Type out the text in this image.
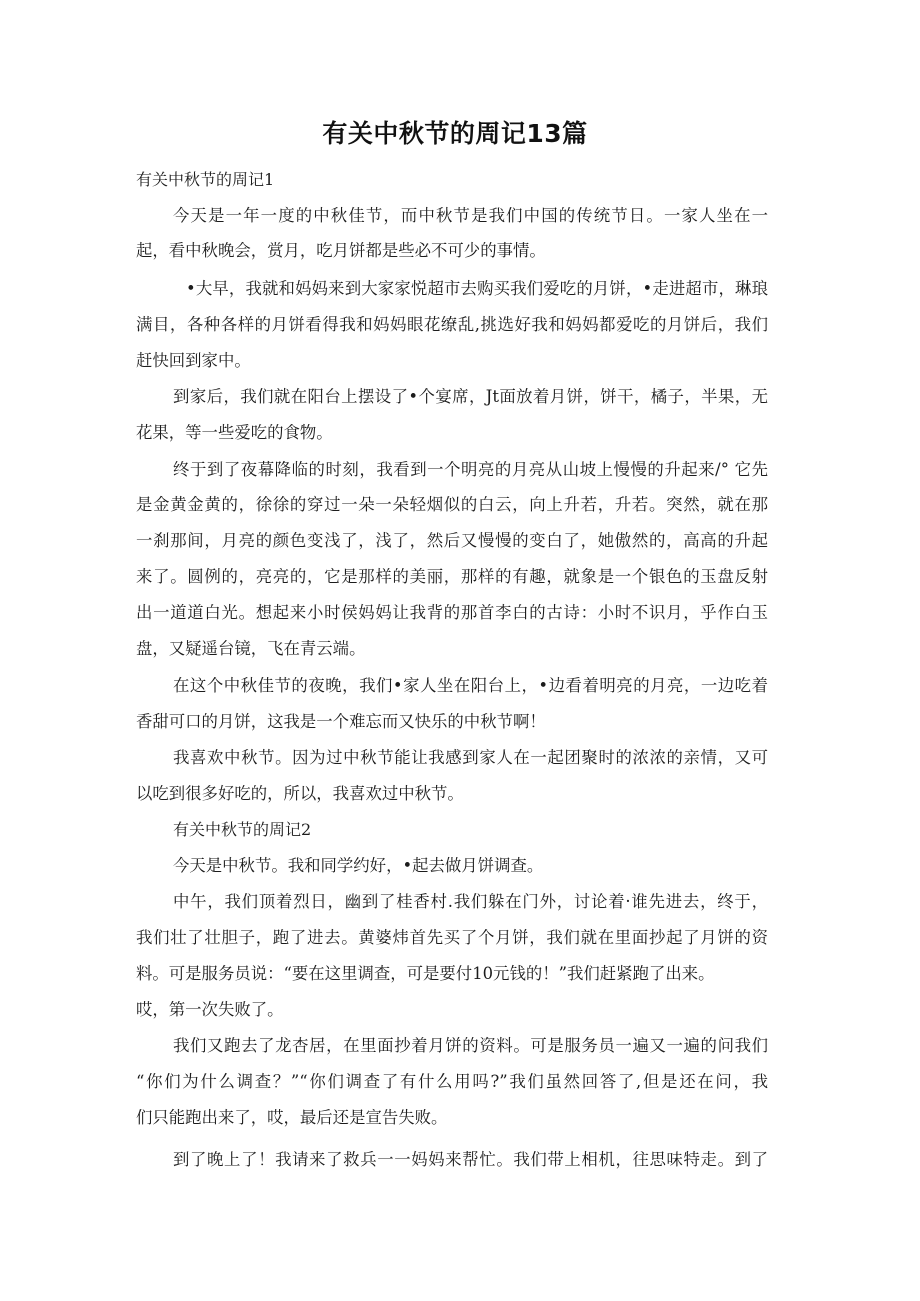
有关中秋节的周记13篇
有关中秋节的周记1
今天是一年一度的中秋佳节，而中秋节是我们中国的传统节日。一家人坐在一
起，看中秋晚会，赏月，吃月饼都是些必不可少的事情。
•大早，我就和妈妈来到大家家悦超市去购买我们爱吃的月饼，•走进超市，琳琅
满目，各种各样的月饼看得我和妈妈眼花缭乱,挑选好我和妈妈都爱吃的月饼后，我们
赶快回到家中。
到家后，我们就在阳台上摆设了•个宴席，Jt面放着月饼，饼干，橘子，半果，无
花果，等一些爱吃的食物。
终于到了夜幕降临的时刻，我看到一个明亮的月亮从山坡上慢慢的升起来/° 它先
是金黄金黄的，徐徐的穿过一朵一朵轻烟似的白云，向上升若，升若。突然，就在那
一刹那间，月亮的颜色变浅了，浅了，然后又慢慢的变白了，她傲然的，高高的升起
来了。圆例的，亮亮的，它是那样的美丽，那样的有趣，就象是一个银色的玉盘反射
出一道道白光。想起来小时侯妈妈让我背的那首李白的古诗：小时不识月，乎作白玉
盘，又疑遥台镜，飞在青云端。
在这个中秋佳节的夜晚，我们•家人坐在阳台上，•边看着明亮的月亮，一边吃着
香甜可口的月饼，这我是一个难忘而又快乐的中秋节啊！
我喜欢中秋节。因为过中秋节能让我感到家人在一起团聚时的浓浓的亲情，又可
以吃到很多好吃的，所以，我喜欢过中秋节。
有关中秋节的周记2
今天是中秋节。我和同学约好，•起去做月饼调查。
中午，我们顶着烈日，幽到了桂香村.我们躲在门外，讨论着·谁先进去，终于，
我们壮了壮胆子，跑了进去。黄婆炜首先买了个月饼，我们就在里面抄起了月饼的资
料。可是服务员说：“要在这里调查，可是要付10元钱的！”我们赶紧跑了出来。
哎，第一次失败了。
我们又跑去了龙杏居，在里面抄着月饼的资料。可是服务员一遍又一遍的问我们
“你们为什么调查？”“你们调查了有什么用吗?”我们虽然回答了,但是还在问，我
们只能跑出来了，哎，最后还是宣告失败。
到了晚上了！我请来了救兵一一妈妈来帮忙。我们带上相机，往思味特走。到了
